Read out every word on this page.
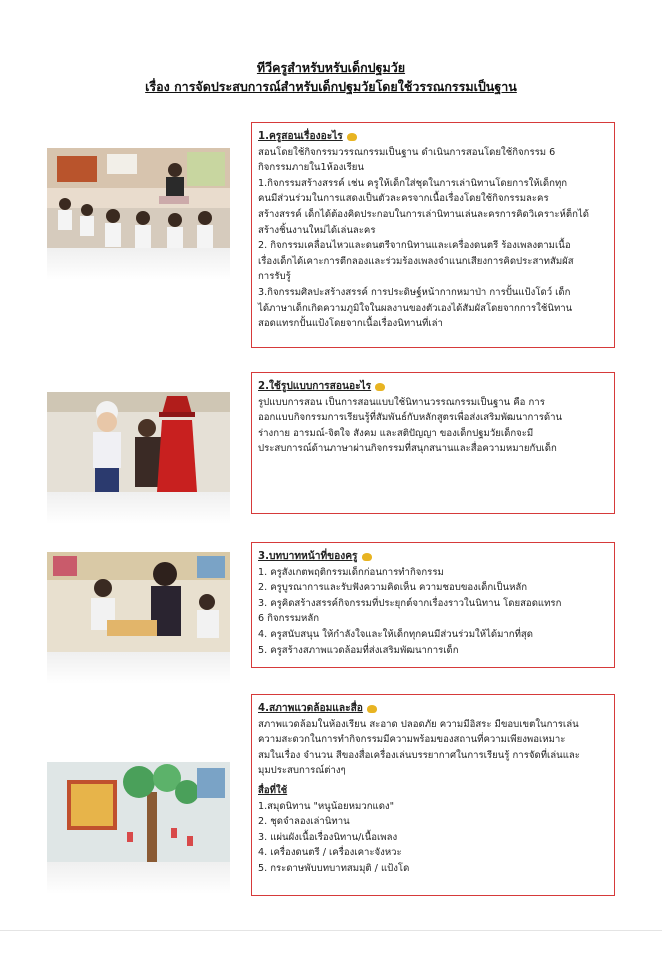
ทีวีครูสำหรับหรับเด็กปฐมวัย
เรื่อง การจัดประสบการณ์สำหรับเด็กปฐมวัยโดยใช้วรรณกรรมเป็นฐาน
1.ครูสอนเรื่องอะไร
สอนโดยใช้กิจกรรมวรรณกรรมเป็นฐาน ดำเนินการสอนโดยใช้กิจกรรม 6
กิจกรรมภายใน1ห้องเรียน
1.กิจกรรมสร้างสรรค์ เช่น ครูให้เด็กใส่ชุดในการเล่านิทานโดยการให้เด็กทุก
คนมีส่วนร่วมในการแสดงเป็นตัวละครจากเนื้อเรื่องโดยใช้กิจกรรมละคร
สร้างสรรค์ เด็กได้ต้องคิดประกอบในการเล่านิทานเล่นละครการคิดวิเคราะห์ต็กได้
สร้างชิ้นงานใหม่ได้เล่นละคร
2. กิจกรรมเคลื่อนไหวและดนตรีจากนิทานและเครื่องดนตรี ร้องเพลงตามเนื้อ
เรื่องเด็กได้เคาะการตีกลองและร่วมร้องเพลงจำแนกเสียงการคิดประสาทสัมผัส
การรับรู้
3.กิจกรรมศิลปะสร้างสรรค์ การประดิษฐ์หน้ากากหมาป่า การปั้นแป้งโดว์ เด็ก
ได้ภาษาเด็กเกิดความภูมิใจในผลงานของตัวเองได้สัมผัสโดยจากการใช้นิทาน
สอดแทรกปั้นแป้งโดยจากเนื้อเรื่องนิทานที่เล่า
2.ใช้รูปแบบการสอนอะไร
รูปแบบการสอน เป็นการสอนแบบใช้นิทานวรรณกรรมเป็นฐาน คือ การ
ออกแบบกิจกรรมการเรียนรู้ที่สัมพันธ์กับหลักสูตรเพื่อส่งเสริมพัฒนาการด้าน
ร่างกาย อารมณ์-จิตใจ สังคม และสติปัญญา ของเด็กปฐมวัยเด็กจะมี
ประสบการณ์ด้านภาษาผ่านกิจกรรมที่สนุกสนานและสื่อความหมายกับเด็ก
3.บทบาทหน้าที่ของครู
1. ครูสังเกตพฤติกรรมเด็กก่อนการทำกิจกรรม
2. ครูบูรณาการและรับฟังความคิดเห็น ความชอบของเด็กเป็นหลัก
3. ครูคิดสร้างสรรค์กิจกรรมที่ประยุกต์จากเรื่องราวในนิทาน โดยสอดแทรก
6 กิจกรรมหลัก
4. ครูสนับสนุน ให้กำลังใจและให้เด็กทุกคนมีส่วนร่วมให้ได้มากที่สุด
5. ครูสร้างสภาพแวดล้อมที่ส่งเสริมพัฒนาการเด็ก
4.สภาพแวดล้อมและสื่อ
สภาพแวดล้อมในห้องเรียน สะอาด ปลอดภัย ความมีอิสระ มีขอบเขตในการเล่น
ความสะดวกในการทำกิจกรรมมีความพร้อมของสถานที่ความเพียงพอเหมาะ
สมในเรื่อง จำนวน สีของสื่อเครื่องเล่นบรรยากาศในการเรียนรู้ การจัดที่เล่นและ
มุมประสบการณ์ต่างๆ
สื่อที่ใช้
1.สมุดนิทาน "หนูน้อยหมวกแดง"
2. ชุดจำลองเล่านิทาน
3. แผ่นผังเนื้อเรื่องนิทาน/เนื้อเพลง
4. เครื่องดนตรี / เครื่องเคาะจังหวะ
5. กระดาษพับบทบาทสมมุติ / แป้งโด
